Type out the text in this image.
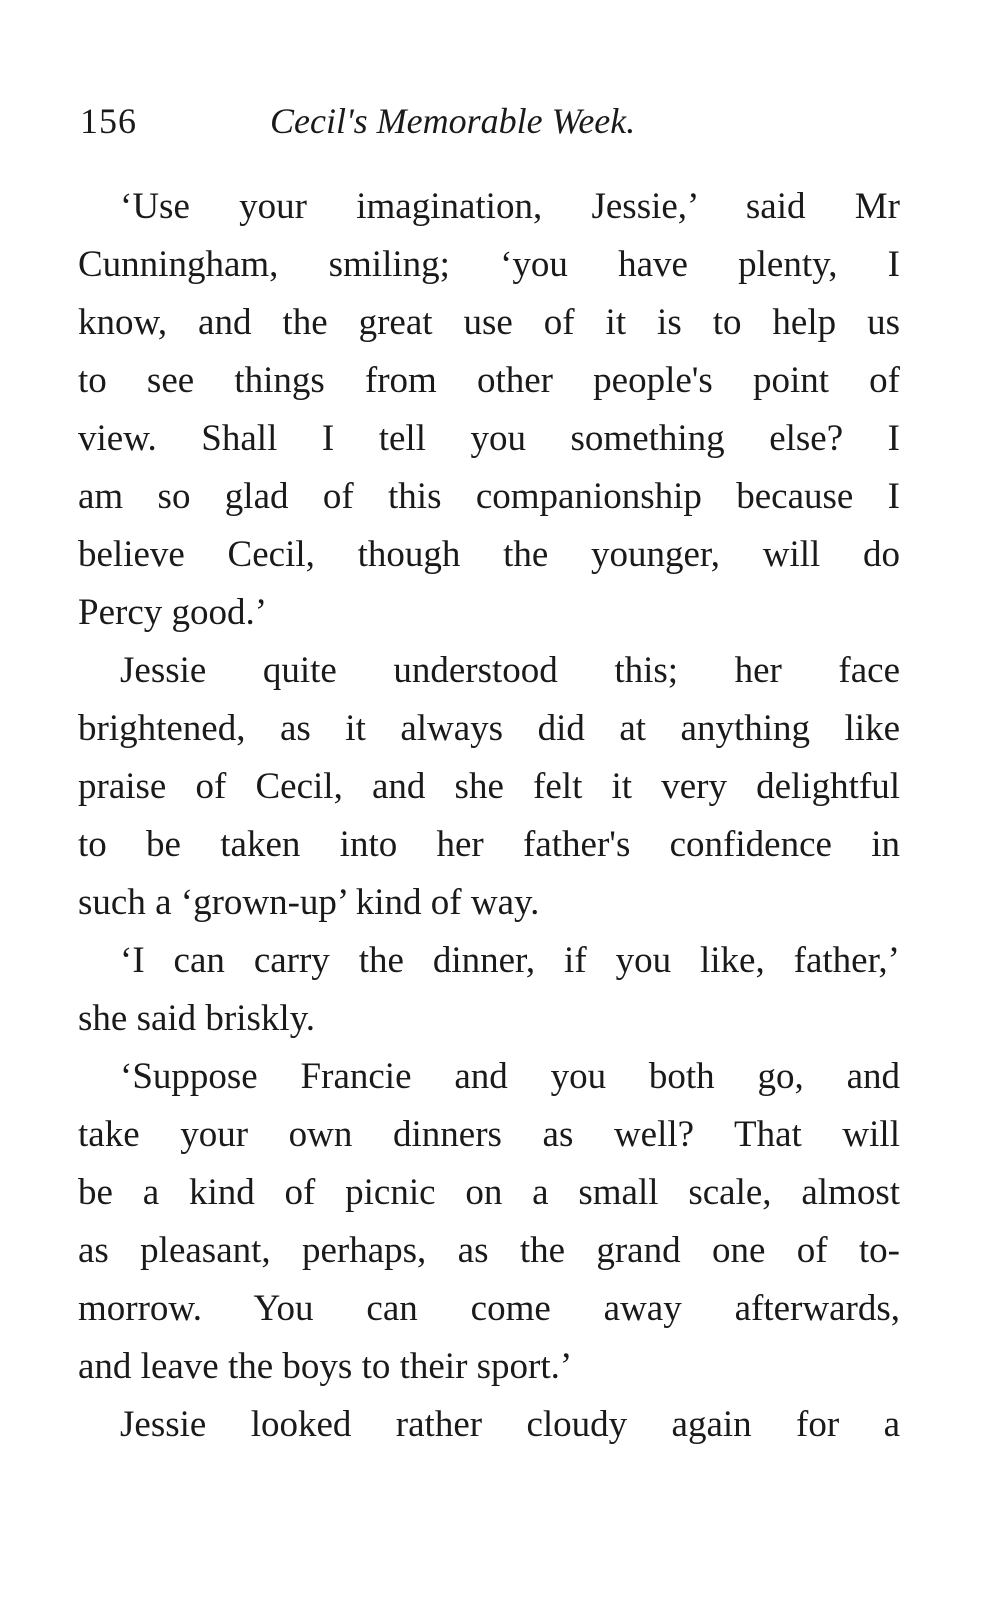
156	Cecil's Memorable Week.
‘Use your imagination, Jessie,’ said Mr
Cunningham, smiling; ‘you have plenty, I
know, and the great use of it is to help us
to see things from other people's point of
view. Shall I tell you something else? I
am so glad of this companionship because I
believe Cecil, though the younger, will do
Percy good.’
Jessie quite understood this; her face
brightened, as it always did at anything like
praise of Cecil, and she felt it very delightful
to be taken into her father's confidence in
such a ‘grown-up’ kind of way.
‘I can carry the dinner, if you like, father,’
she said briskly.
‘Suppose Francie and you both go, and
take your own dinners as well? That will
be a kind of picnic on a small scale, almost
as pleasant, perhaps, as the grand one of to-
morrow. You can come away afterwards,
and leave the boys to their sport.’
Jessie looked rather cloudy again for a
